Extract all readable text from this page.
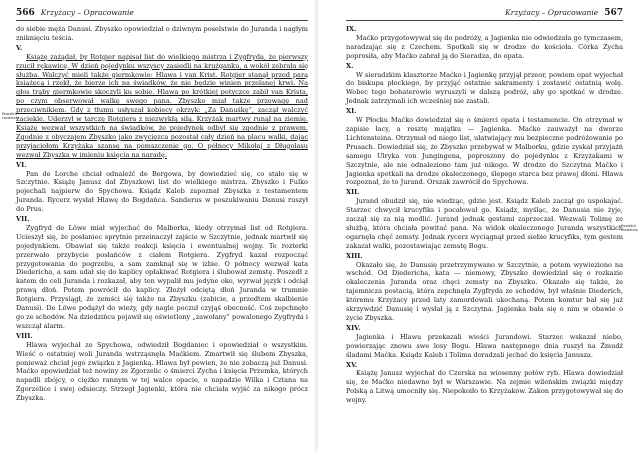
566 Krzyżacy – Opracowanie

do siebie męża Danusi. Zbyszko opowiedział o dziwnym poselstwie do Juranda i nagłym zniknięciu teścia.

V.

Książę zażądał, by Rotgier napisał list do wielkiego mistrza i Zygfryda, że pierwszy rzucił rękawicę. W dzień pojedynku wszyscy zasiedli na krużganku, a wokół zebrała się służba. Walczyć mieli także giermkowie: Hlawa i van Krist. Rotgier stanął przed parą książęcą i rzekł, że bierze ich na świadków, że nie będzie winien przelanej krwi. Na głos trąby giermkowie skoczyli ku sobie. Hlawa po krótkiej potyczce zabił van Krista, po czym obserwował walkę swego pana. Zbyszko miał także przewagę nad przeciwnikiem. Gdy z tłumu usłyszał kobiecy okrzyk: „Za Danuśkę”, zaczął walczyć zaciekle. Uderzył w tarczę Rotgiera z niezwykłą siłą. Krzyżak martwy runął na ziemię. Książę wezwał wszystkich na świadków, że pojedynek odbył się zgodnie z prawem. Zgodnie z obyczajem Zbyszko jako zwycięzca pozostał cały dzień na placu walki, dając przyjaciołom Krzyżaka szansę na pomszczenie go. O północy Mikołaj z Długolasu wezwał Zbyszka w imieniu księcia na naradę.

VI.

Pan de Lorche chciał odnaleźć de Bergowa, by dowiedzieć się, co stało się w Szczytnie. Książę Janusz dał Zbyszkowi list do wielkiego mistrza. Zbyszko i Fulko pojechali najpierw do Spychowa. Ksiądz Kaleb zapoznał Zbyszka z testamentem Juranda. Rycerz wysłał Hlawę do Bogdańca. Sanderus w poszukiwaniu Danusi ruszył do Prus.

VII.

Zygfryd de Löwe miał wyjechać do Malborka, kiedy otrzymał list od Rotgiera. Ucieszył się, że posłaniec sprytnie przeinaczył zajście w Szczytnie, jednak martwił się pojedynkiem. Obawiał się także reakcji księcia i ewentualnej wojny. Te rozterki przerwało przybycie posłańców z ciałem Rotgiera. Zygfryd kazał rozpocząć przygotowania do pogrzebu, a sam zamknął się w izbie. O północy wezwał kata Diedericha, a sam udał się do kaplicy opłakiwać Rotgiera i ślubował zemstę. Poszedł z katem do celi Juranda i rozkazał, aby ten wypalił mu jedyne oko, wyrwał język i odciął prawą dłoń. Potem powrócił do kaplicy. Złożył odciętą dłoń Juranda w trumnie Rotgiera. Przysiągł, że zemści się także na Zbyszku (zabicie, a przedtem skalbienie Danusi). De Löwe podążył do wieży, gdy nagle poczuł czyjąś obecność. Coś zepchnęło go ze schodów. Na dziedzińcu pojawił się oświetlony „zawołany” powalonego Zygfryda i wszczął alarm.

VIII.

Hlawa wyjechał ze Spychowa, odwiedził Bogdaniec i opowiedział o wszystkim. Wieść o ostatniej woli Juranda wstrząsnęła Maćkiem. Zmartwił się ślubem Zbyszka, ponieważ chciał jego związku z Jagienką. Hlawa był pewien, że nie zobaczą już Danusi. Maćko opowiedział też nowiny ze Zgorzelic o śmierci Zycha i księcia Przemka, których napadli zbójcy, o ciężko rannym w tej walce opacie, o napadzie Wilka i Cztana na Zgorzelice i swej odsieczy. Strzegł Jagienki, która nie chciała wyjść za nikogo prócz Zbyszka.

Krzyżacy – Opracowanie 567

IX.

Maćko przygotowywał się do podróży, a Jagienka nie odwiedzała go tymczasem, naradzając się z Czechem. Spotkali się w drodze do kościoła. Córka Zycha poprosiła, aby Maćko zabrał ją do Sieradza, do opata.

X.

W sieradzkim klasztorze Maćko i Jagienkę przyjął przeor, powiem opat wyjechał do biskupa płockiego, by przyjąć ostatnie sakramenty i zostawić ostatnią wolę. Wobec tego bohaterowie wyruszyli w dalszą podróż, aby go spotkać w drodze. Jednak zatrzymali ich wcześniej nie zastali.

XI.

W Płocku Maćko dowiedział się o śmierci opata i testamencie. On otrzymał w zapisie łacy, a resztę majątku — Jagienka. Maćko zauważył na dworze Lichtensteina. Otrzymał od niego list, ułatwiający mu bezpieczne podróżowanie po Prusach. Dowiedział się, że Zbyszko przebywał w Malborku, gdzie zyskał przyjaźń samego Ulryka von Jungingena, poproszony do pojedynku z Krzyżakami w Szczytnie, ale nie odnaleziono tam już nikogo. W drodze do Szczytna Maćko i Jagienka spotkali na drodze okaleczonego, ślepego starca bez prawej dłoni. Hlawa rozpoznał, że to Jurand. Orszak zawrócił do Spychowa.

XII.

Jurand obudził się, nie wiedząc, gdzie jest. Ksiądz Kaleb zaczął go uspokajać. Starzec chwycił krucyfiks i pocałował go. Ksiądz, myśląc, że Danusia nie żyje, zaczął się za nią modlić. Jurand jednak gestami zaprzeczał. Wezwali Tolimę ze służbą, która chciała powitać pana. Na widok okaleczonego Juranda wszystkich ogarnęła chęć zemsty. Jednak rycerz wyciągnął przed siebie krucyfiks, tym gestem zakazał walki, pozostawiając zemstę Bogu.

XIII.

Okazało się, że Danusię przetrzymywano w Szczytnie, a potem wywieziono na wschód. Od Diedericha, kata — niemowy, Zbyszko dowiedział się o rozkazie okaleczenia Juranda oraz chęci zemsty na Zbyszku. Okazało się także, że tajemnicza postacią, która zepchnęła Zygfryda ze schodów, był właśnie Diederich, któremu Krzyżacy przed laty zamordowali ukochaną. Potem komtur bał się już skrzywdzić Danusię i wysłał ją z Szczytna. Jagienka bała się o nim w obawie o życie Zbyszka.

XIV.

Jagienka i Hlawa przekazali wieści Jurandowi. Starzec wskazał niebo, powierzając znowu swe losy Bogu. Hlawa następnego dnia ruszył na Żmudź śladami Maćka. Ksiądz Kaleb i Tolima doradzali jechać do księcia Janusza.

XV.

Książę Janusz wyjechał do Czerska na wiosenny połów ryb. Hlawa dowiedział się, że Maćko niedawno był w Warszawie. Na zejmie wileńskim związki między Polską a Litwą umocniły się. Niepokoiło to Krzyżaków. Zakon przygotowywał się do wojny.

Powtórk rozdziału
Powtórk rozdziału
